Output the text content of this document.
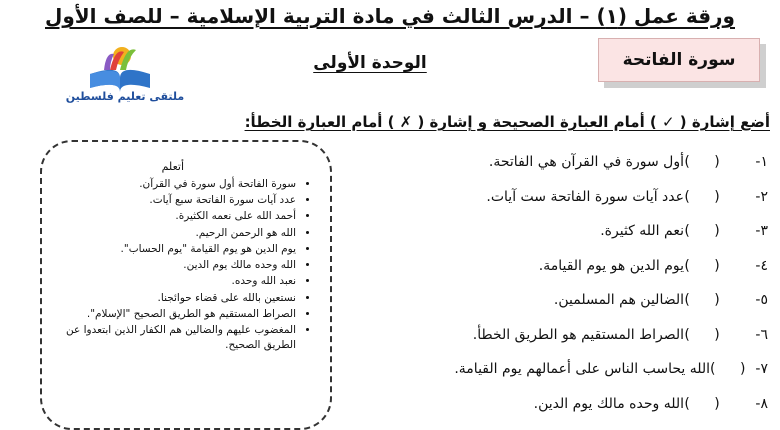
ورقة عمل (١) – الدرس الثالث في مادة التربية الإسلامية – للصف الأول
سورة الفاتحة
الوحدة الأولى
ملتقى تعليم فلسطين
أضع إشارة ( ✓ ) أمام العبارة الصحيحة و إشارة ( ✗ ) أمام العبارة الخطأ:
١-
( )
أول سورة في القرآن هي الفاتحة.
٢-
( )
عدد آيات سورة الفاتحة ست آيات.
٣-
( )
نعم الله كثيرة.
٤-
( )
يوم الدين هو يوم القيامة.
٥-
( )
الضالين هم المسلمين.
٦-
( )
الصراط المستقيم هو الطريق الخطأ.
٧-
( )
الله يحاسب الناس على أعمالهم يوم القيامة.
٨-
( )
الله وحده مالك يوم الدين.
أتعلم
• سورة الفاتحة أول سورة في القرآن.
• عدد آيات سورة الفاتحة سبع آيات.
• أحمد الله على نعمه الكثيرة.
• الله هو الرحمن الرحيم.
• يوم الدين هو يوم القيامة "يوم الحساب".
• الله وحده مالك يوم الدين.
• نعبد الله وحده.
• نستعين بالله على قضاء حوائجنا.
• الصراط المستقيم هو الطريق الصحيح "الإسلام".
• المغضوب عليهم والضالين هم الكفار الذين ابتعدوا عن الطريق الصحيح.
